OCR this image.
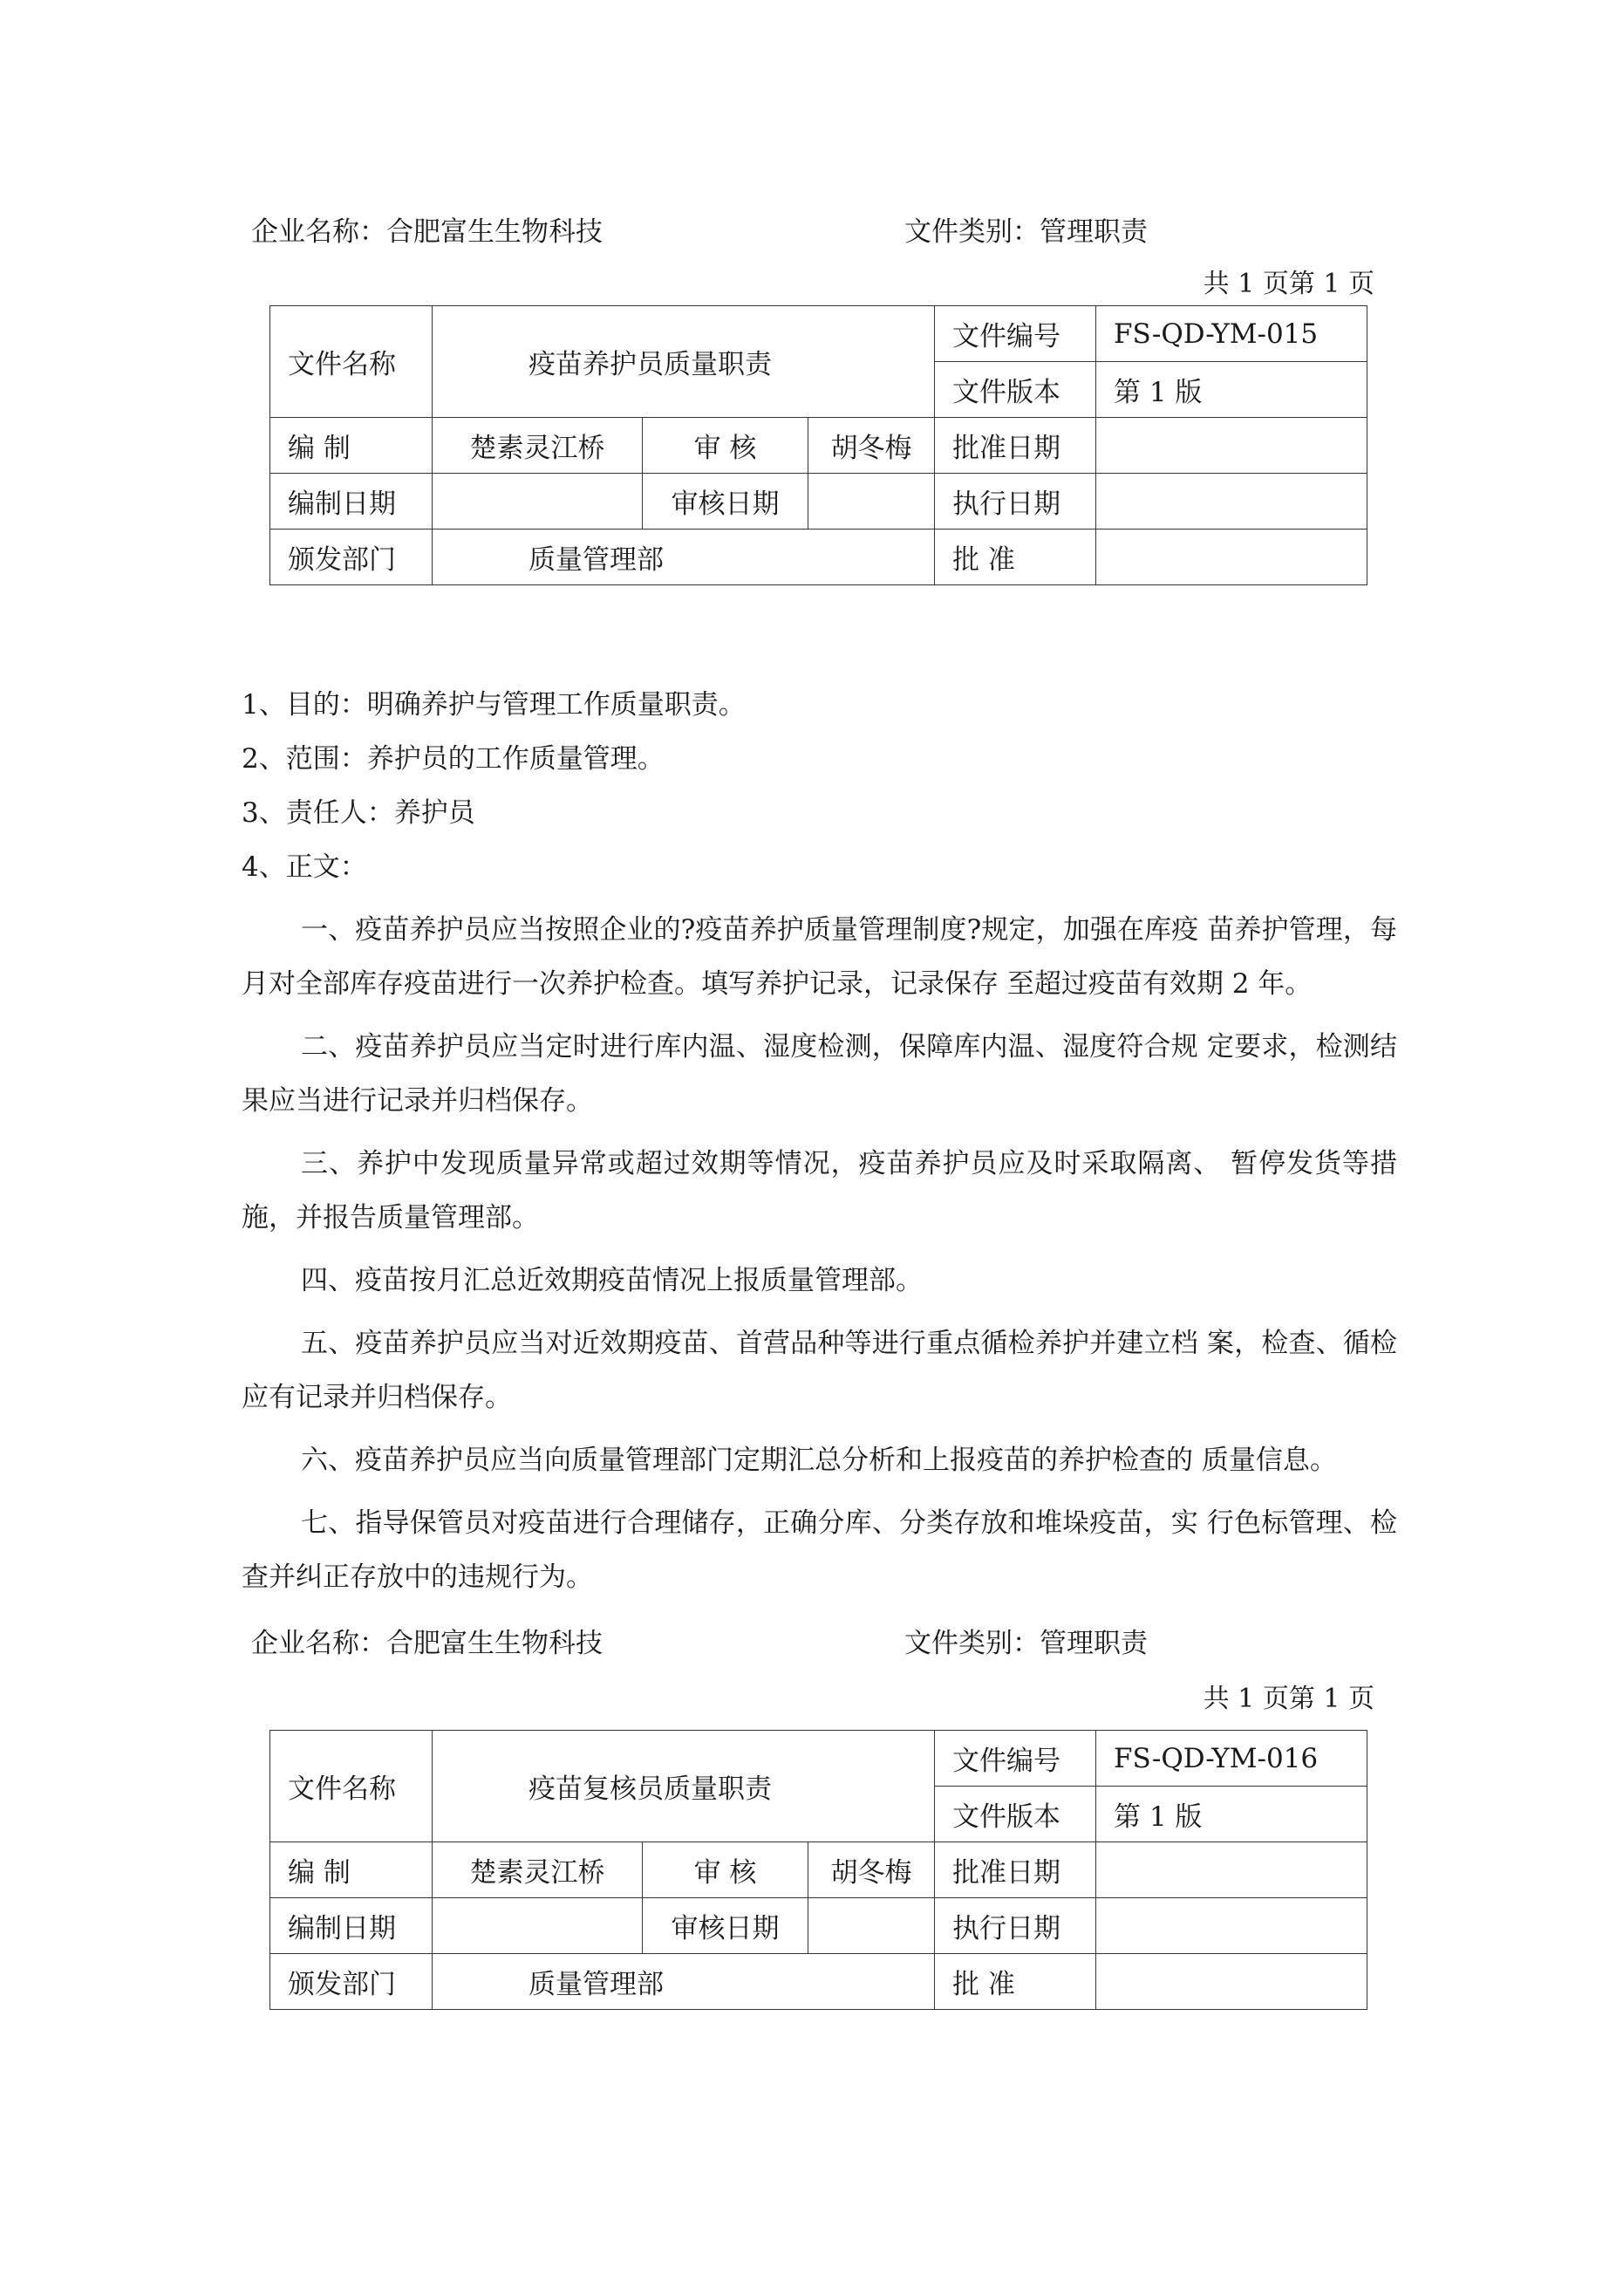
企业名称：合肥富生生物科技	文件类别：管理职责
共 1 页第 1 页
文件名称	疫苗养护员质量职责			文件编号	FS-QD-YM-015
				文件版本	第 1 版
编 制	楚素灵江桥	审 核	胡冬梅	批准日期	
编制日期		审核日期		执行日期	
颁发部门	质量管理部			批 准	
1、目的：明确养护与管理工作质量职责。
2、范围：养护员的工作质量管理。
3、责任人：养护员
4、正文：
一、疫苗养护员应当按照企业的?疫苗养护质量管理制度?规定，加强在库疫 苗养护管理，每月对全部库存疫苗进行一次养护检查。填写养护记录，记录保存 至超过疫苗有效期 2 年。
二、疫苗养护员应当定时进行库内温、湿度检测，保障库内温、湿度符合规 定要求，检测结果应当进行记录并归档保存。
三、养护中发现质量异常或超过效期等情况，疫苗养护员应及时采取隔离、 暂停发货等措施，并报告质量管理部。
四、疫苗按月汇总近效期疫苗情况上报质量管理部。
五、疫苗养护员应当对近效期疫苗、首营品种等进行重点循检养护并建立档 案，检查、循检应有记录并归档保存。
六、疫苗养护员应当向质量管理部门定期汇总分析和上报疫苗的养护检查的 质量信息。
七、指导保管员对疫苗进行合理储存，正确分库、分类存放和堆垛疫苗，实 行色标管理、检查并纠正存放中的违规行为。
企业名称：合肥富生生物科技	文件类别：管理职责
共 1 页第 1 页
文件名称	疫苗复核员质量职责			文件编号	FS-QD-YM-016
				文件版本	第 1 版
编 制	楚素灵江桥	审 核	胡冬梅	批准日期	
编制日期		审核日期		执行日期	
颁发部门	质量管理部			批 准	
